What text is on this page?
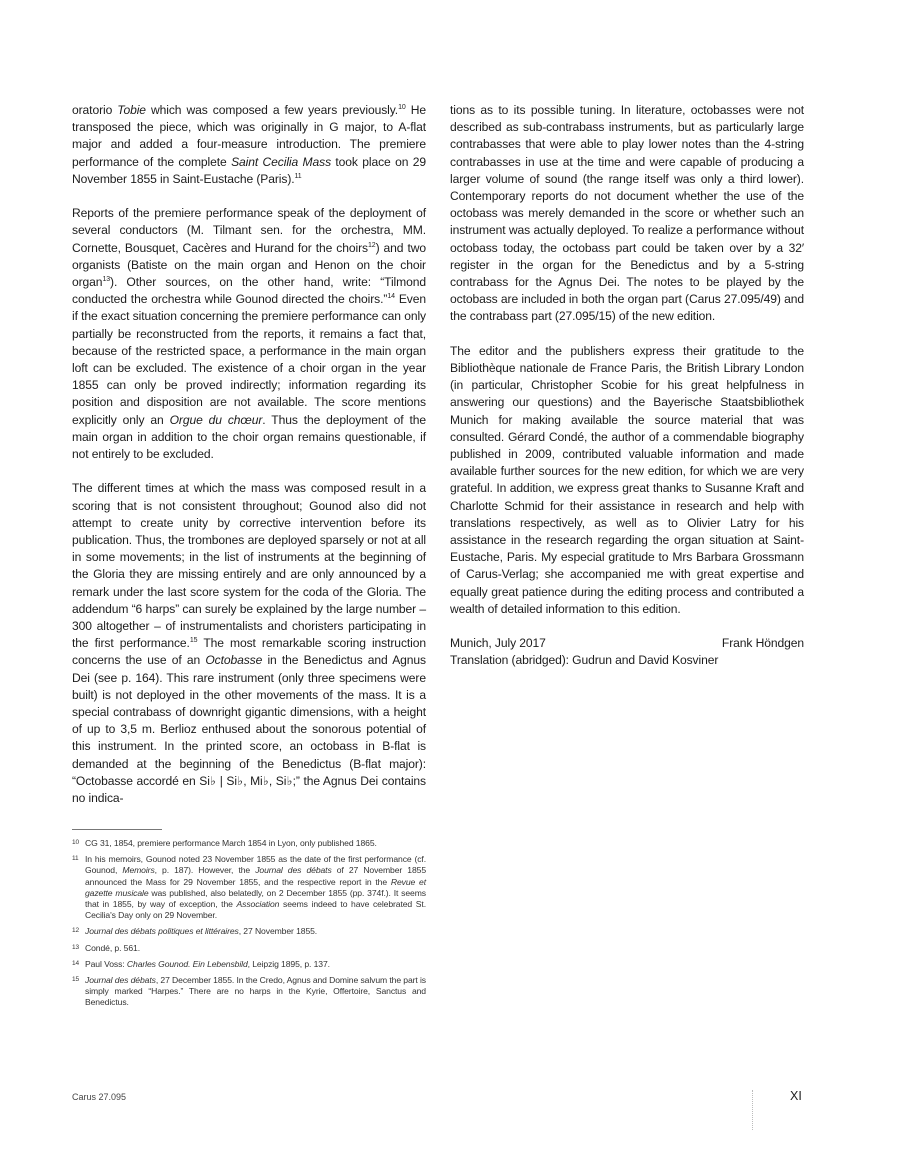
oratorio Tobie which was composed a few years previously.$^{10}$ He transposed the piece, which was originally in G major, to A-flat major and added a four-measure introduction. The premiere performance of the complete Saint Cecilia Mass took place on 29 November 1855 in Saint-Eustache (Paris).$^{11}$

Reports of the premiere performance speak of the deployment of several conductors (M. Tilmant sen. for the orchestra, MM. Cornette, Bousquet, Cacères and Hurand for the choirs$^{12}$) and two organists (Batiste on the main organ and Henon on the choir organ$^{13}$). Other sources, on the other hand, write: “Tilmond conducted the orchestra while Gounod directed the choirs.”$^{14}$ Even if the exact situation concerning the premiere performance can only partially be reconstructed from the reports, it remains a fact that, because of the restricted space, a performance in the main organ loft can be excluded. The existence of a choir organ in the year 1855 can only be proved indirectly; information regarding its position and disposition are not available. The score mentions explicitly only an Orgue du chœur. Thus the deployment of the main organ in addition to the choir organ remains questionable, if not entirely to be excluded.

The different times at which the mass was composed result in a scoring that is not consistent throughout; Gounod also did not attempt to create unity by corrective intervention before its publication. Thus, the trombones are deployed sparsely or not at all in some movements; in the list of instruments at the beginning of the Gloria they are missing entirely and are only announced by a remark under the last score system for the coda of the Gloria. The addendum “6 harps” can surely be explained by the large number – 300 altogether – of instrumentalists and choristers participating in the first performance.$^{15}$ The most remarkable scoring instruction concerns the use of an Octobasse in the Benedictus and Agnus Dei (see p. 164). This rare instrument (only three specimens were built) is not deployed in the other movements of the mass. It is a special contrabass of downright gigantic dimensions, with a height of up to 3,5 m. Berlioz enthused about the sonorous potential of this instrument. In the printed score, an octobass in B-flat is demanded at the beginning of the Benedictus (B-flat major): “Octobasse accordé en Si♭ | Si♭, Mi♭, Si♭;” the Agnus Dei contains no indica-

tions as to its possible tuning. In literature, octobasses were not described as sub-contrabass instruments, but as particularly large contrabasses that were able to play lower notes than the 4-string contrabasses in use at the time and were capable of producing a larger volume of sound (the range itself was only a third lower). Contemporary reports do not document whether the use of the octobass was merely demanded in the score or whether such an instrument was actually deployed. To realize a performance without octobass today, the octobass part could be taken over by a 32′ register in the organ for the Benedictus and by a 5-string contrabass for the Agnus Dei. The notes to be played by the octobass are included in both the organ part (Carus 27.095/49) and the contrabass part (27.095/15) of the new edition.

The editor and the publishers express their gratitude to the Bibliothèque nationale de France Paris, the British Library London (in particular, Christopher Scobie for his great helpfulness in answering our questions) and the Bayerische Staatsbibliothek Munich for making available the source material that was consulted. Gérard Condé, the author of a commendable biography published in 2009, contributed valuable information and made available further sources for the new edition, for which we are very grateful. In addition, we express great thanks to Susanne Kraft and Charlotte Schmid for their assistance in research and help with translations respectively, as well as to Olivier Latry for his assistance in the research regarding the organ situation at Saint-Eustache, Paris. My especial gratitude to Mrs Barbara Grossmann of Carus-Verlag; she accompanied me with great expertise and equally great patience during the editing process and contributed a wealth of detailed information to this edition.

Munich, July 2017	Frank Höndgen
Translation (abridged): Gudrun and David Kosviner
10 CG 31, 1854, premiere performance March 1854 in Lyon, only published 1865.
11 In his memoirs, Gounod noted 23 November 1855 as the date of the first performance (cf. Gounod, Memoirs, p. 187). However, the Journal des débats of 27 November 1855 announced the Mass for 29 November 1855, and the respective report in the Revue et gazette musicale was published, also belatedly, on 2 December 1855 (pp. 374f.). It seems that in 1855, by way of exception, the Association seems indeed to have celebrated St. Cecilia's Day only on 29 November.
12 Journal des débats politiques et littéraires, 27 November 1855.
13 Condé, p. 561.
14 Paul Voss: Charles Gounod. Ein Lebensbild, Leipzig 1895, p. 137.
15 Journal des débats, 27 December 1855. In the Credo, Agnus and Domine salvum the part is simply marked “Harpes.” There are no harps in the Kyrie, Offertoire, Sanctus and Benedictus.
Carus 27.095	XI
